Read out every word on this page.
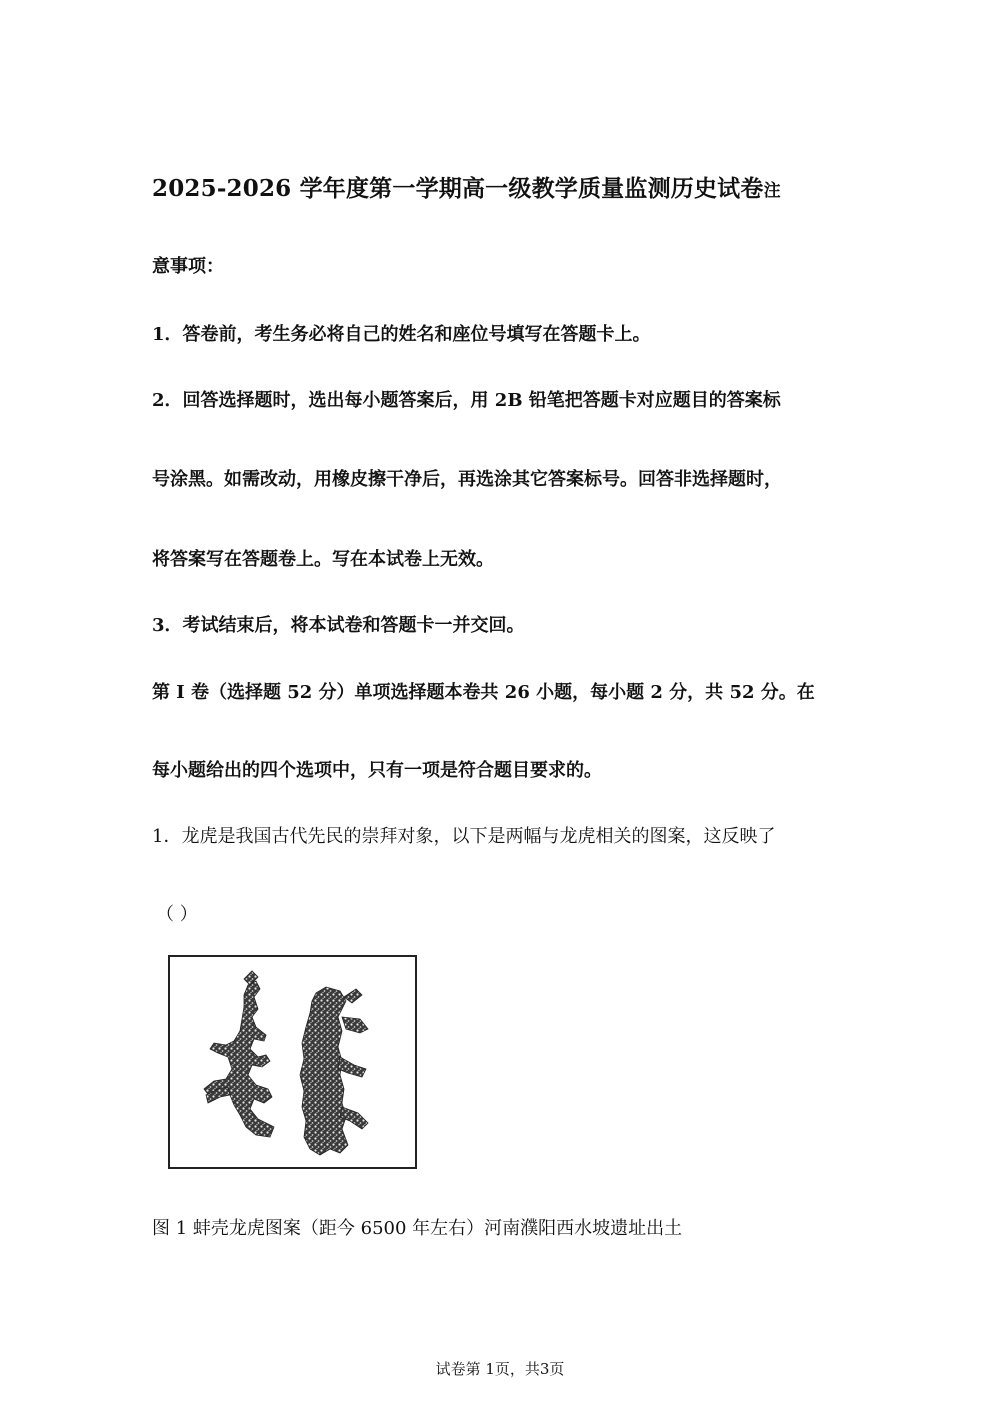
2025-2026 学年度第一学期高一级教学质量监测历史试卷注
意事项：
1．答卷前，考生务必将自己的姓名和座位号填写在答题卡上。
2．回答选择题时，选出每小题答案后，用 2B 铅笔把答题卡对应题目的答案标
号涂黑。如需改动，用橡皮擦干净后，再选涂其它答案标号。回答非选择题时，
将答案写在答题卷上。写在本试卷上无效。
3．考试结束后，将本试卷和答题卡一并交回。
第 I 卷（选择题 52 分）单项选择题本卷共 26 小题，每小题 2 分，共 52 分。在
每小题给出的四个选项中，只有一项是符合题目要求的。
1．龙虎是我国古代先民的崇拜对象，以下是两幅与龙虎相关的图案，这反映了
（ ）
图 1 蚌壳龙虎图案（距今 6500 年左右）河南濮阳西水坡遗址出土
试卷第 1页，共3页
